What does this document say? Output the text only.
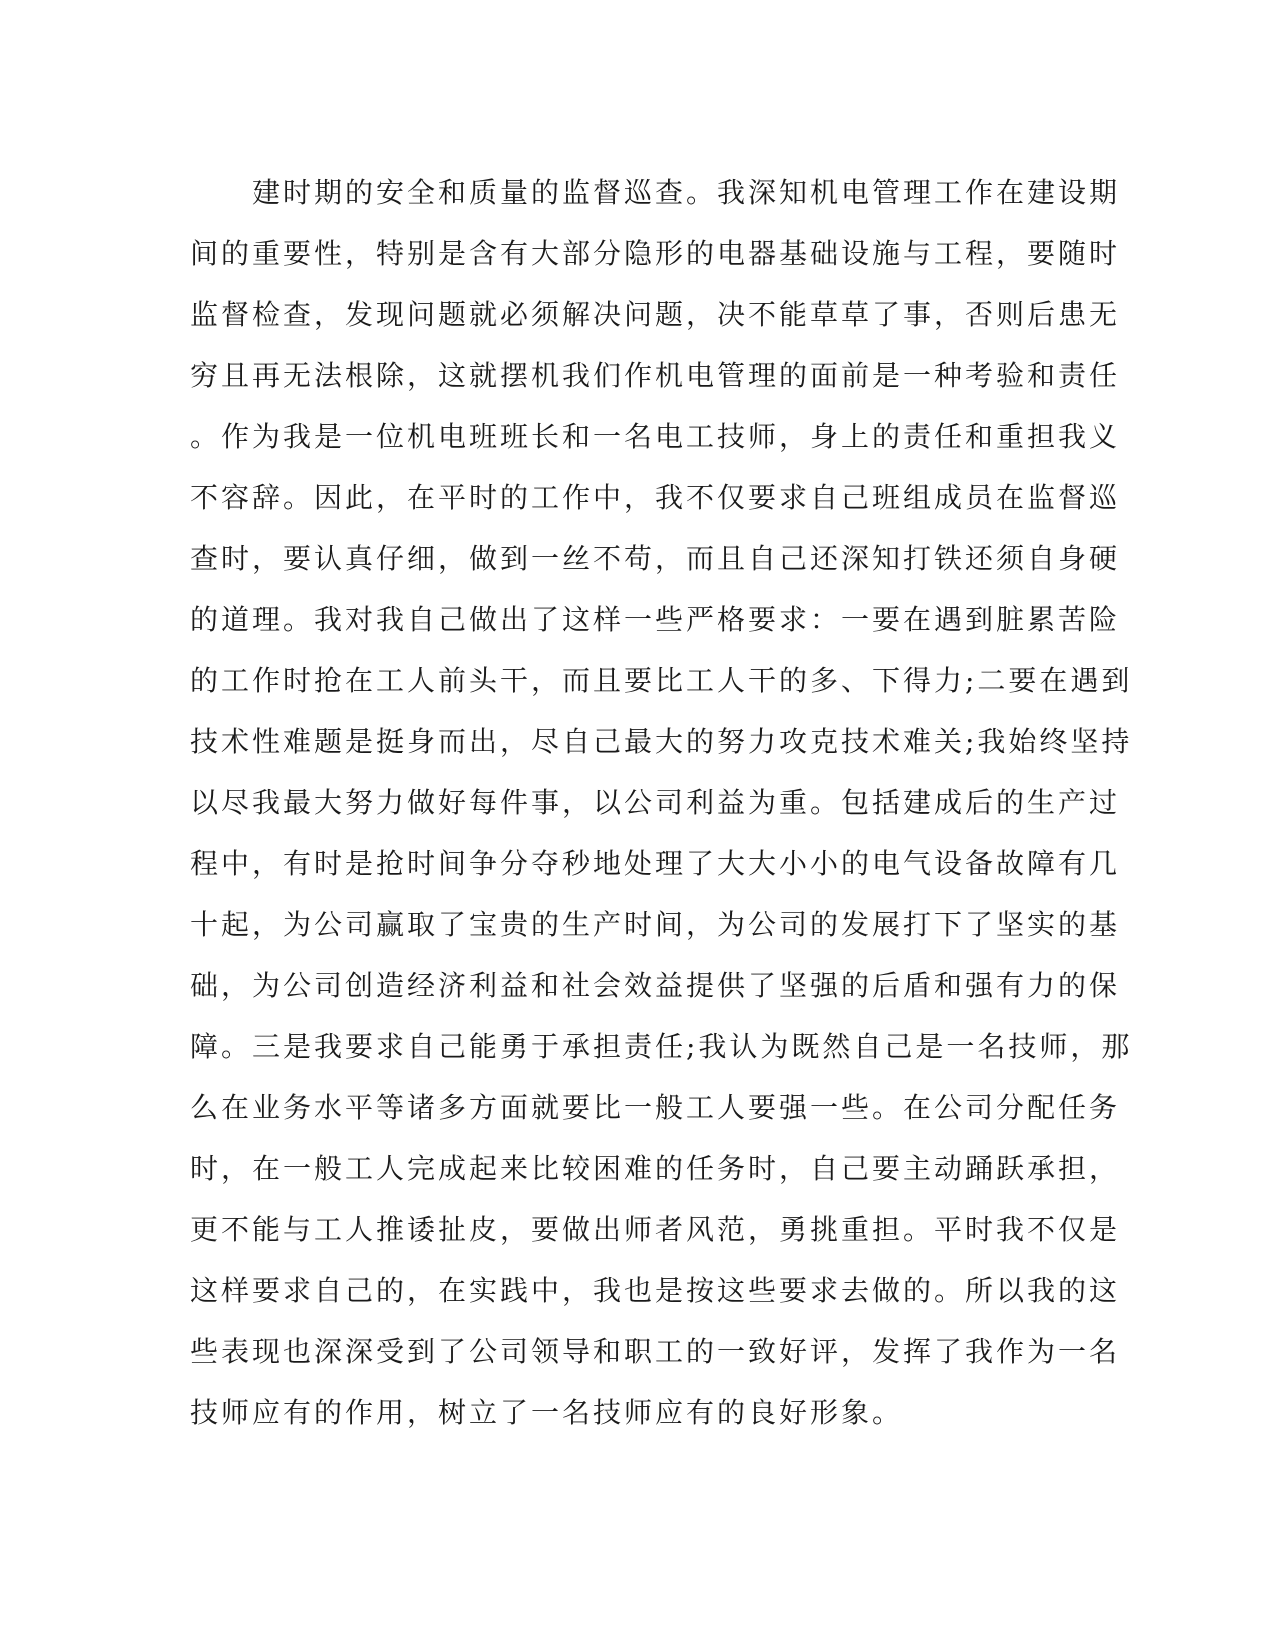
建时期的安全和质量的监督巡查。我深知机电管理工作在建设期
间的重要性，特别是含有大部分隐形的电器基础设施与工程，要随时
监督检查，发现问题就必须解决问题，决不能草草了事，否则后患无
穷且再无法根除，这就摆机我们作机电管理的面前是一种考验和责任
。作为我是一位机电班班长和一名电工技师，身上的责任和重担我义
不容辞。因此，在平时的工作中，我不仅要求自己班组成员在监督巡
查时，要认真仔细，做到一丝不苟，而且自己还深知打铁还须自身硬
的道理。我对我自己做出了这样一些严格要求：一要在遇到脏累苦险
的工作时抢在工人前头干，而且要比工人干的多、下得力;二要在遇到
技术性难题是挺身而出，尽自己最大的努力攻克技术难关;我始终坚持
以尽我最大努力做好每件事，以公司利益为重。包括建成后的生产过
程中，有时是抢时间争分夺秒地处理了大大小小的电气设备故障有几
十起，为公司赢取了宝贵的生产时间，为公司的发展打下了坚实的基
础，为公司创造经济利益和社会效益提供了坚强的后盾和强有力的保
障。三是我要求自己能勇于承担责任;我认为既然自己是一名技师，那
么在业务水平等诸多方面就要比一般工人要强一些。在公司分配任务
时，在一般工人完成起来比较困难的任务时，自己要主动踊跃承担，
更不能与工人推诿扯皮，要做出师者风范，勇挑重担。平时我不仅是
这样要求自己的，在实践中，我也是按这些要求去做的。所以我的这
些表现也深深受到了公司领导和职工的一致好评，发挥了我作为一名
技师应有的作用，树立了一名技师应有的良好形象。
